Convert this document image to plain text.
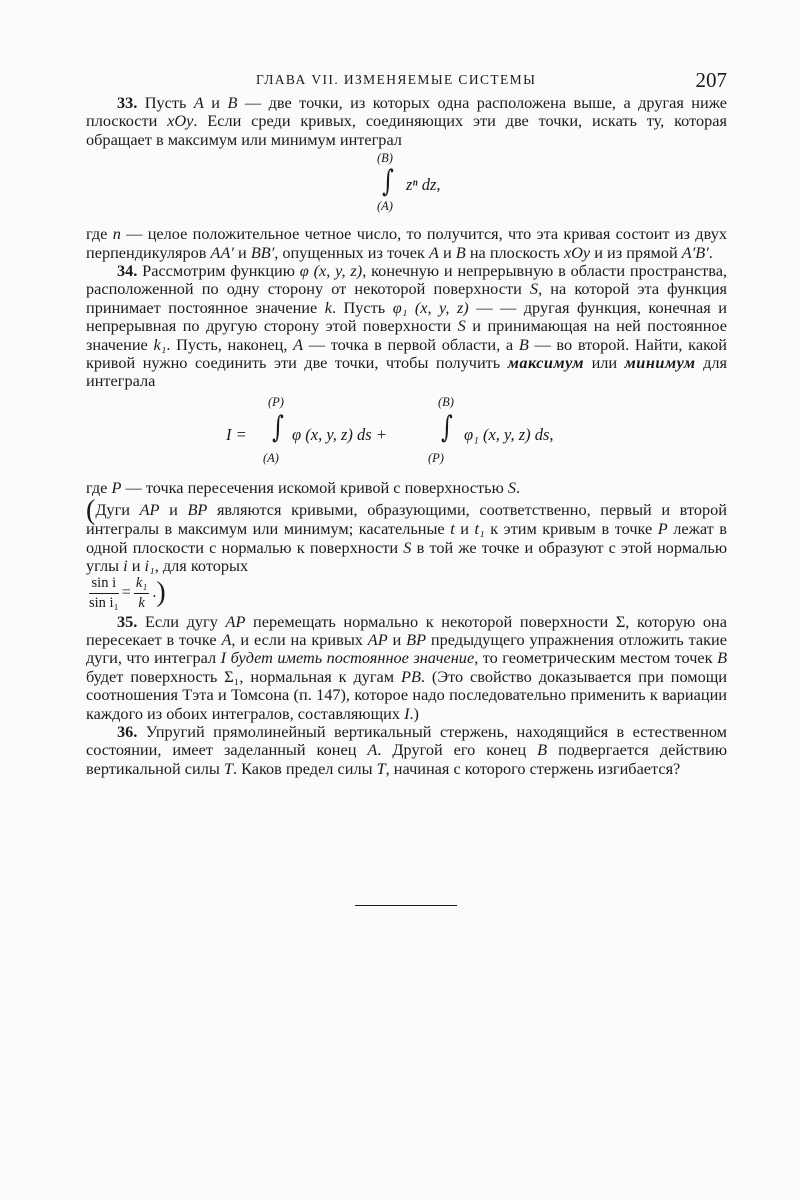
ГЛАВА VII. ИЗМЕНЯЕМЫЕ СИСТЕМЫ	207

33. Пусть A и B — две точки, из которых одна расположена выше, а другая ниже плоскости xOy. Если среди кривых, соединяющих эти две точки, искать ту, которая обращает в максимум или минимум интеграл

(B)
∫ zⁿ dz,
(A)

где n — целое положительное четное число, то получится, что эта кривая состоит из двух перпендикуляров AA′ и BB′, опущенных из точек A и B на плоскость xOy и из прямой A′B′.

34. Рассмотрим функцию φ (x, y, z), конечную и непрерывную в области пространства, расположенной по одну сторону от некоторой поверхности S, на которой эта функция принимает постоянное значение k. Пусть φ₁ (x, y, z) — — другая функция, конечная и непрерывная по другую сторону этой поверхности S и принимающая на ней постоянное значение k₁. Пусть, наконец, A — точка в первой области, а B — во второй. Найти, какой кривой нужно соединить эти две точки, чтобы получить максимум или минимум для интеграла

I =
(P)
∫
(A)
φ (x, y, z) ds +
(B)
∫
(P)
φ₁ (x, y, z) ds,

где P — точка пересечения искомой кривой с поверхностью S.

(Дуги AP и BP являются кривыми, образующими, соответственно, первый и второй интегралы в максимум или минимум; касательные t и t₁ к этим кривым в точке P лежат в одной плоскости с нормалью к поверхности S в той же точке и образуют с этой нормалью углы i и i₁, для которых

$\frac{\text{sin i}}{\text{sin i₁}} = \frac{\text{k₁}}{k}$ .)

35. Если дугу AP перемещать нормально к некоторой поверхности Σ, которую она пересекает в точке A, и если на кривых AP и BP предыдущего упражнения отложить такие дуги, что интеграл I будет иметь постоянное значение, то геометрическим местом точек B будет поверхность Σ₁, нормальная к дугам PB. (Это свойство доказывается при помощи соотношения Тэта и Томсона (п. 147), которое надо последовательно применить к вариации каждого из обоих интегралов, составляющих I.)

36. Упругий прямолинейный вертикальный стержень, находящийся в естественном состоянии, имеет заделанный конец A. Другой его конец B подвергается действию вертикальной силы T. Каков предел силы T, начиная с которого стержень изгибается?
